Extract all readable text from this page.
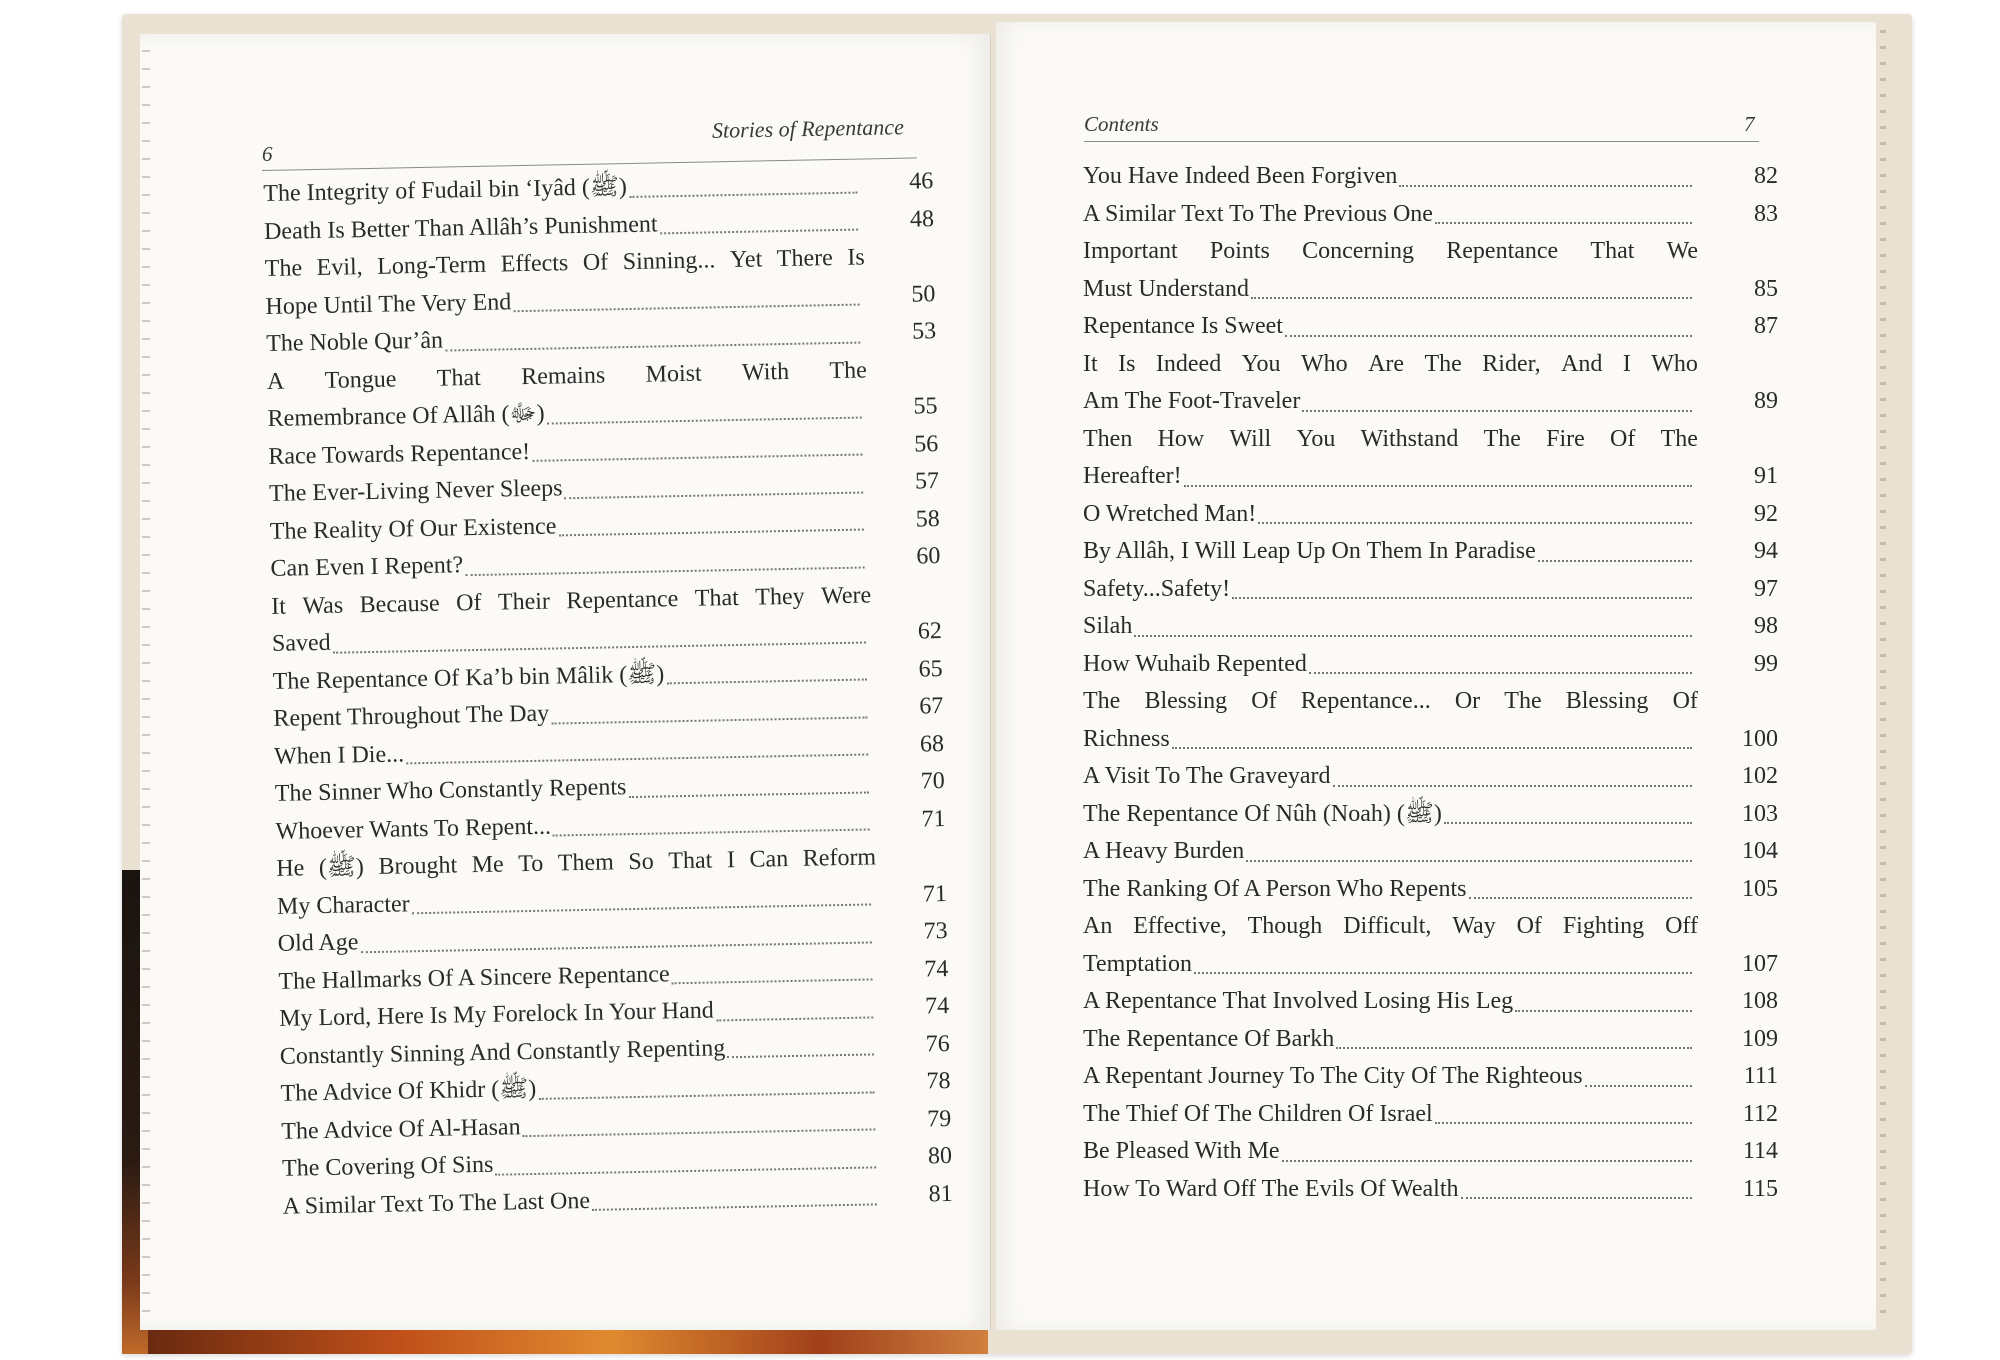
6
Stories of Repentance	Contents	7
The Integrity of Fudail bin ‘Iyâd (ﷺ)	46
Death Is Better Than Allâh’s Punishment	48
The Evil, Long-Term Effects Of Sinning... Yet There Is
Hope Until The Very End	50
The Noble Qur’ân	53
A Tongue That Remains Moist With The
Remembrance Of Allâh (ﷻ)	55
Race Towards Repentance!	56
The Ever-Living Never Sleeps	57
The Reality Of Our Existence	58
Can Even I Repent?	60
It Was Because Of Their Repentance That They Were
Saved	62
The Repentance Of Ka’b bin Mâlik (ﷺ)	65
Repent Throughout The Day	67
When I Die...	68
The Sinner Who Constantly Repents	70
Whoever Wants To Repent...	71
He (ﷺ) Brought Me To Them So That I Can Reform
My Character	71
Old Age	73
The Hallmarks Of A Sincere Repentance	74
My Lord, Here Is My Forelock In Your Hand	74
Constantly Sinning And Constantly Repenting	76
The Advice Of Khidr (ﷺ)	78
The Advice Of Al-Hasan	79
The Covering Of Sins	80
A Similar Text To The Last One	81
You Have Indeed Been Forgiven	82
A Similar Text To The Previous One	83
Important Points Concerning Repentance That We
Must Understand	85
Repentance Is Sweet	87
It Is Indeed You Who Are The Rider, And I Who
Am The Foot-Traveler	89
Then How Will You Withstand The Fire Of The
Hereafter!	91
O Wretched Man!	92
By Allâh, I Will Leap Up On Them In Paradise	94
Safety...Safety!	97
Silah	98
How Wuhaib Repented	99
The Blessing Of Repentance... Or The Blessing Of
Richness	100
A Visit To The Graveyard	102
The Repentance Of Nûh (Noah) (ﷺ)	103
A Heavy Burden	104
The Ranking Of A Person Who Repents	105
An Effective, Though Difficult, Way Of Fighting Off
Temptation	107
A Repentance That Involved Losing His Leg	108
The Repentance Of Barkh	109
A Repentant Journey To The City Of The Righteous	111
The Thief Of The Children Of Israel	112
Be Pleased With Me	114
How To Ward Off The Evils Of Wealth	115
